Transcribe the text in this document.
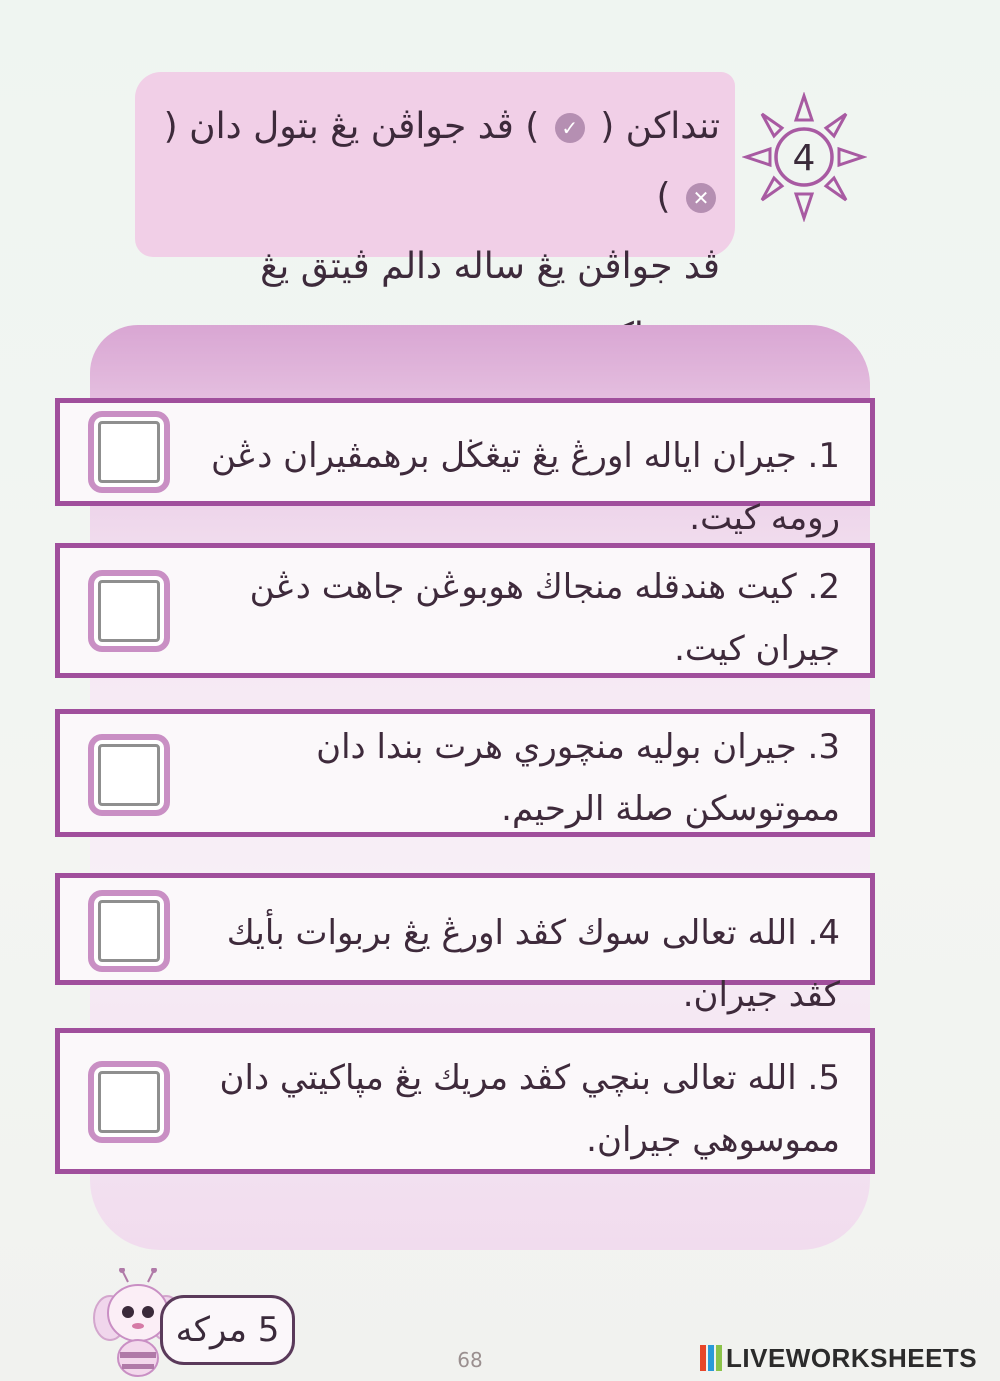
تنداكن ( ✓ ) ڤد جواڤن يڠ بتول دان ( ✕ )
ڤد جواڤن يڠ ساله دالم ڤيتق يڠ
4
1. جيران اياله اورڠ يڠ تيڠڬل برهمڤيران دڠن رومه كيت.
2. كيت هندقله منجاڬ هوبوڠن جاهت دڠن جيران كيت.
3. جيران بوليه منچوري هرت بندا دان مموتوسكن صلة الرحيم.
4. الله تعالى سوك كڤد اورڠ يڠ بربوات بأيك كڤد جيران.
5. الله تعالى بنچي كڤد مريك يڠ مپاكيتي دان مموسوهي جيران.
5 مركه
68	LIVEWORKSHEETS
